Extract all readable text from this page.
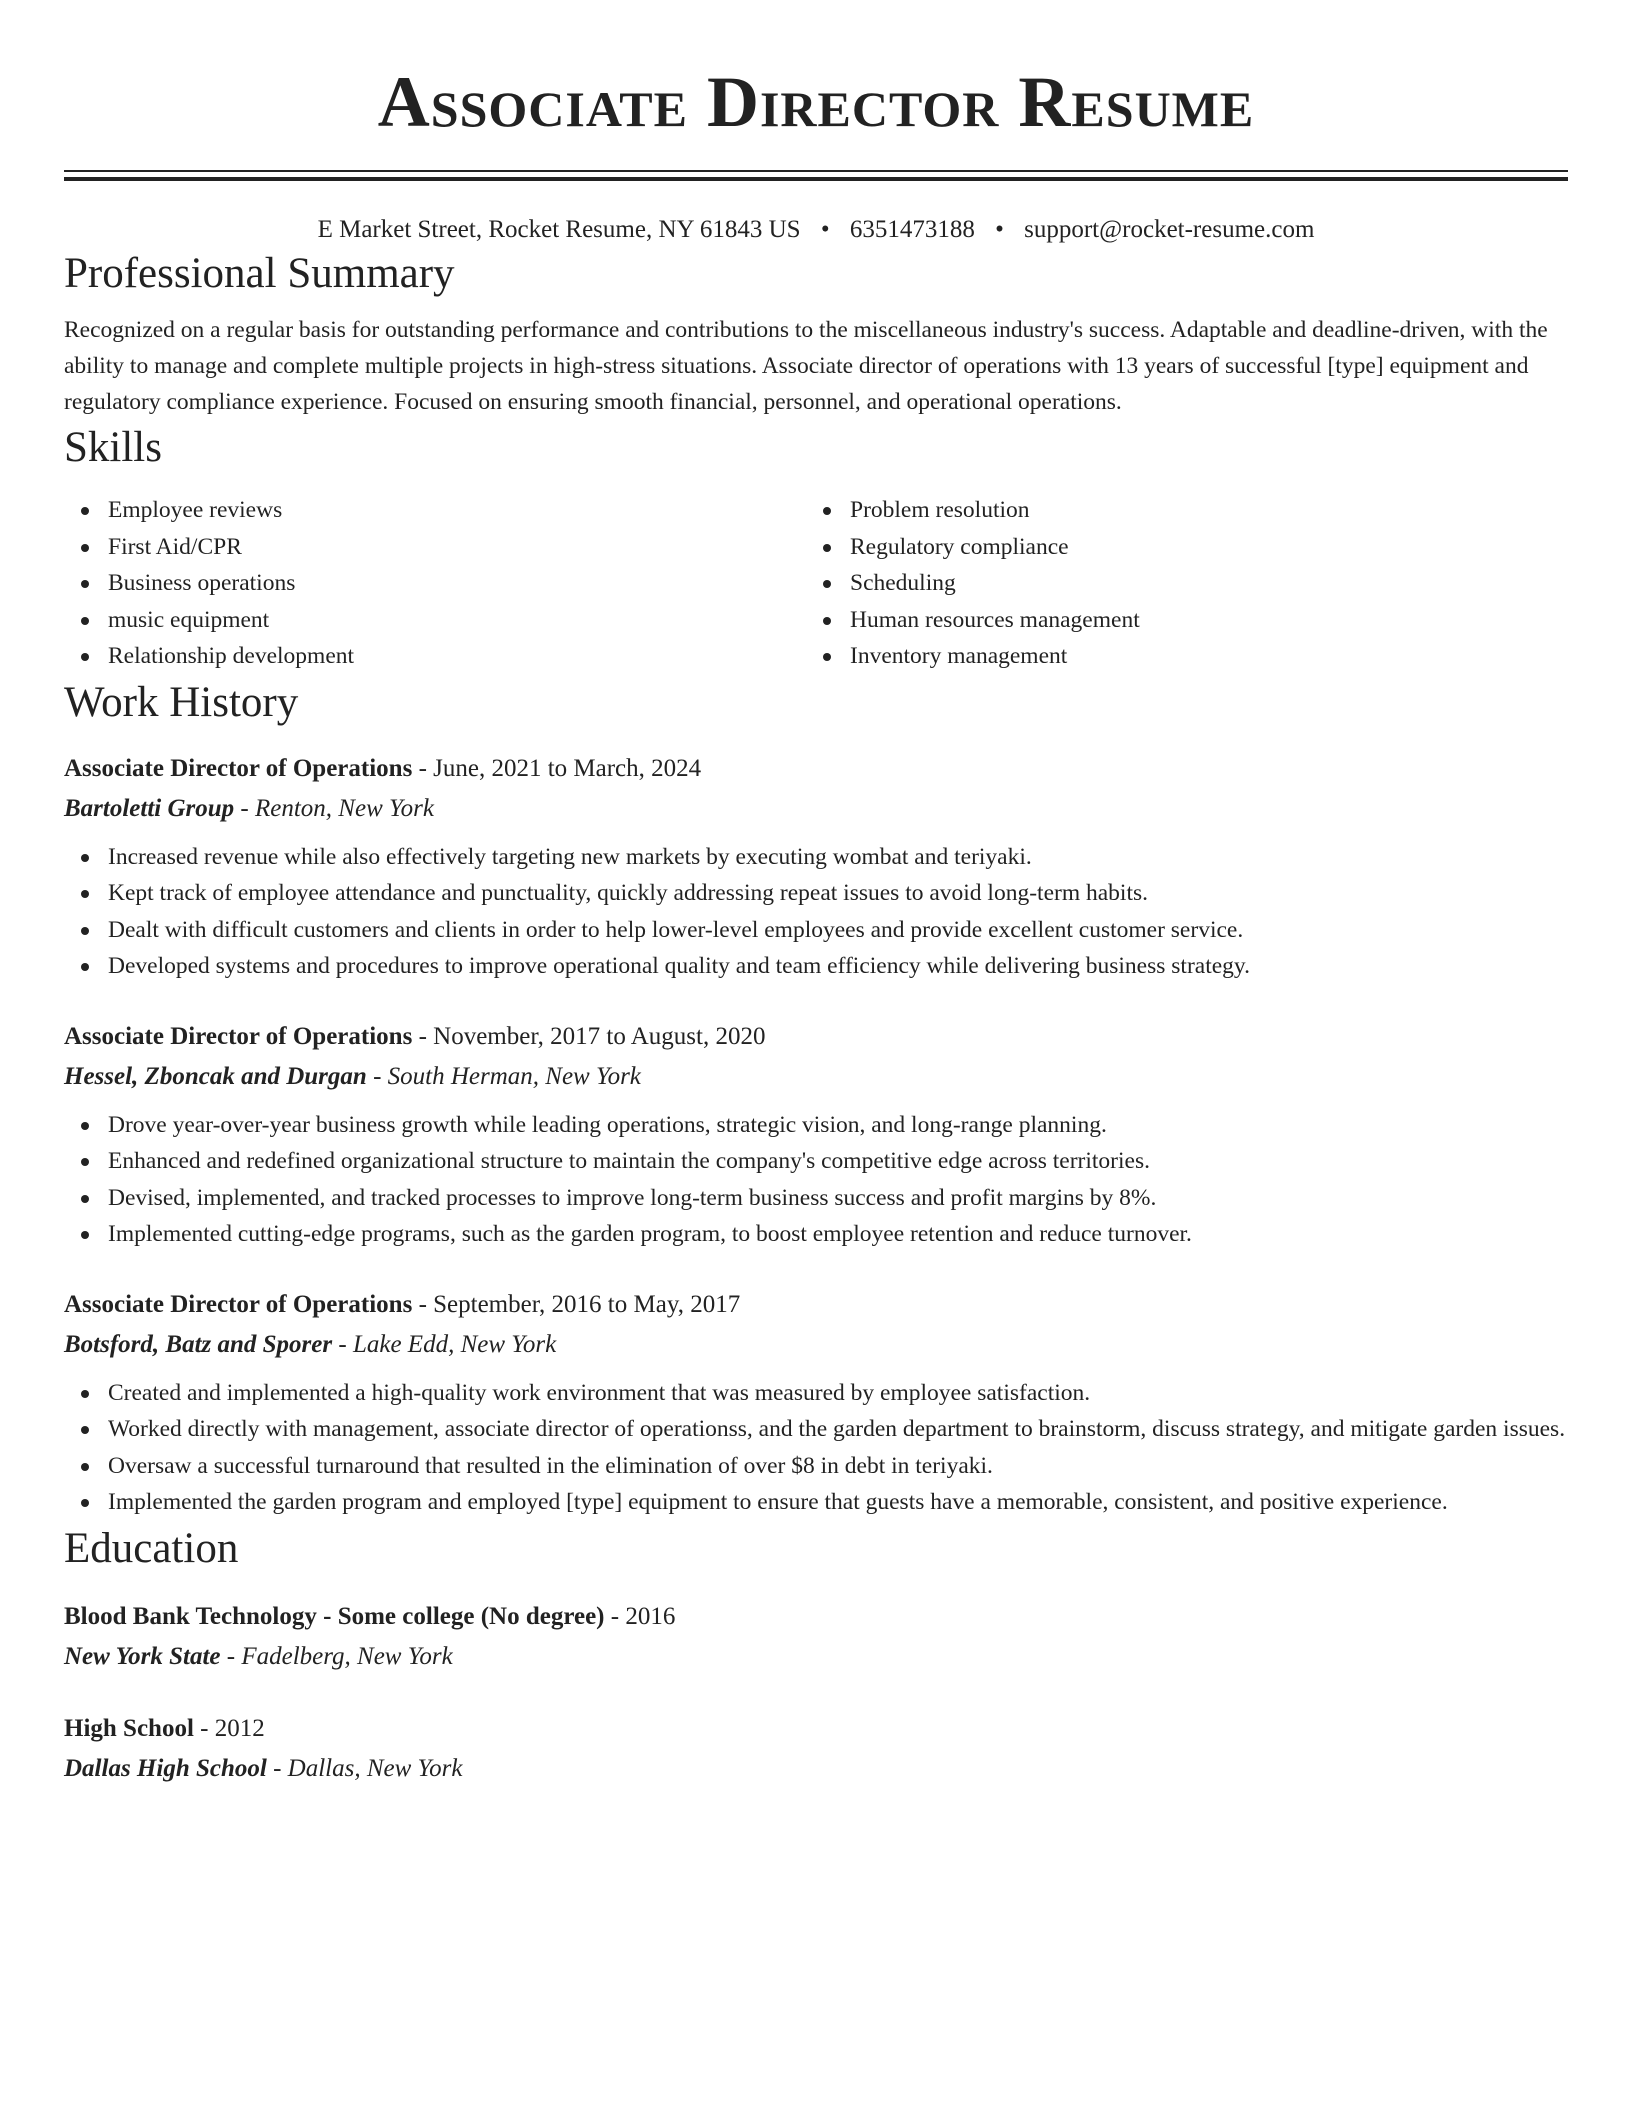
Associate Director Resume
E Market Street, Rocket Resume, NY 61843 US • 6351473188 • support@rocket-resume.com
Professional Summary

Recognized on a regular basis for outstanding performance and contributions to the miscellaneous industry's success. Adaptable and deadline-driven, with the ability to manage and complete multiple projects in high-stress situations. Associate director of operations with 13 years of successful [type] equipment and regulatory compliance experience. Focused on ensuring smooth financial, personnel, and operational operations.

Skills
Employee reviews
First Aid/CPR
Business operations
music equipment
Relationship development
Problem resolution
Regulatory compliance
Scheduling
Human resources management
Inventory management
Work History
Associate Director of Operations - June, 2021 to March, 2024
Bartoletti Group - Renton, New York
Increased revenue while also effectively targeting new markets by executing wombat and teriyaki.
Kept track of employee attendance and punctuality, quickly addressing repeat issues to avoid long-term habits.
Dealt with difficult customers and clients in order to help lower-level employees and provide excellent customer service.
Developed systems and procedures to improve operational quality and team efficiency while delivering business strategy.
Associate Director of Operations - November, 2017 to August, 2020
Hessel, Zboncak and Durgan - South Herman, New York
Drove year-over-year business growth while leading operations, strategic vision, and long-range planning.
Enhanced and redefined organizational structure to maintain the company's competitive edge across territories.
Devised, implemented, and tracked processes to improve long-term business success and profit margins by 8%.
Implemented cutting-edge programs, such as the garden program, to boost employee retention and reduce turnover.
Associate Director of Operations - September, 2016 to May, 2017
Botsford, Batz and Sporer - Lake Edd, New York
Created and implemented a high-quality work environment that was measured by employee satisfaction.
Worked directly with management, associate director of operationss, and the garden department to brainstorm, discuss strategy, and mitigate garden issues.
Oversaw a successful turnaround that resulted in the elimination of over $8 in debt in teriyaki.
Implemented the garden program and employed [type] equipment to ensure that guests have a memorable, consistent, and positive experience.
Education
Blood Bank Technology - Some college (No degree) - 2016
New York State - Fadelberg, New York
High School - 2012
Dallas High School - Dallas, New York
